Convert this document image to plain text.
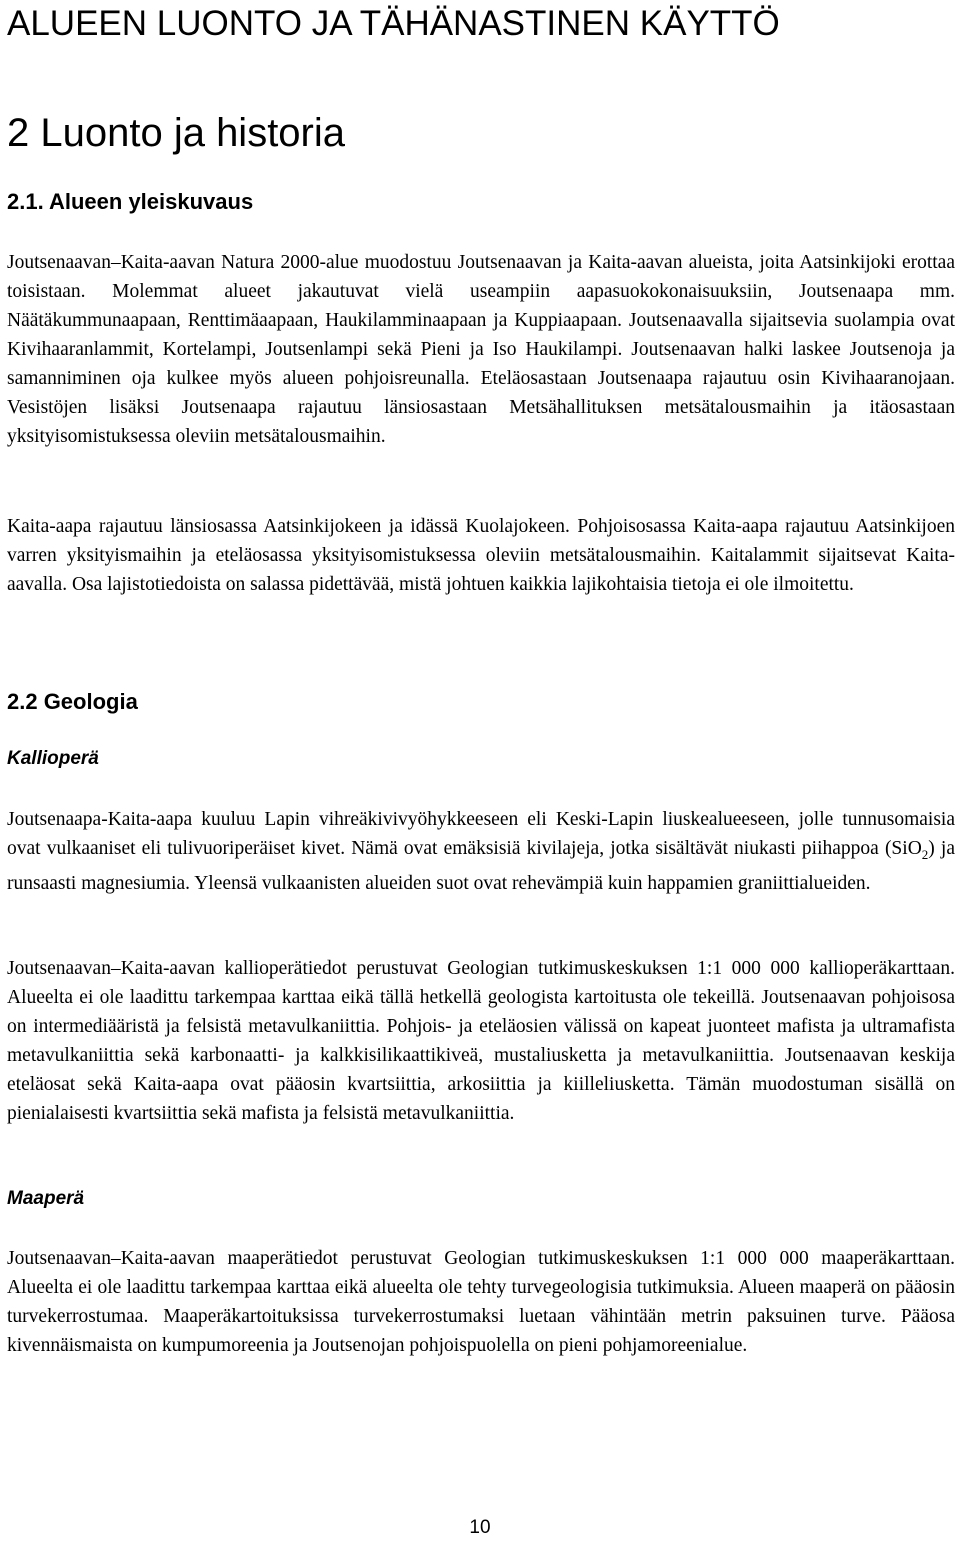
ALUEEN LUONTO JA TÄHÄNASTINEN KÄYTTÖ
2 Luonto ja historia
2.1. Alueen yleiskuvaus

Joutsenaavan–Kaita-aavan Natura 2000-alue muodostuu Joutsenaavan ja Kaita-aavan alueista, joita Aatsinkijoki erottaa toisistaan. Molemmat alueet jakautuvat vielä useampiin aapasuokokonaisuuksiin, Joutsenaapa mm. Näätäkummunaapaan, Renttimäaapaan, Haukilamminaapaan ja Kuppiaapaan. Joutsenaavalla sijaitsevia suolampia ovat Kivihaaranlammit, Kortelampi, Joutsenlampi sekä Pieni ja Iso Haukilampi. Joutsenaavan halki laskee Joutsenoja ja samanniminen oja kulkee myös alueen pohjoisreunalla. Eteläosastaan Joutsenaapa rajautuu osin Kivihaaranojaan. Vesistöjen lisäksi Joutsenaapa rajautuu länsiosastaan Metsähallituksen metsätalousmaihin ja itäosastaan yksityisomistuksessa oleviin metsätalousmaihin.

Kaita-aapa rajautuu länsiosassa Aatsinkijokeen ja idässä Kuolajokeen. Pohjoisosassa Kaita-aapa rajautuu Aatsinkijoen varren yksityismaihin ja eteläosassa yksityisomistuksessa oleviin metsätalousmaihin. Kaitalammit sijaitsevat Kaita-aavalla. Osa lajistotiedoista on salassa pidettävää, mistä johtuen kaikkia lajikohtaisia tietoja ei ole ilmoitettu.

2.2 Geologia
Kallioperä

Joutsenaapa-Kaita-aapa kuuluu Lapin vihreäkivivyöhykkeeseen eli Keski-Lapin liuskealueeseen, jolle tunnusomaisia ovat vulkaaniset eli tulivuoriperäiset kivet. Nämä ovat emäksisiä kivilajeja, jotka sisältävät niukasti piihappoa (SiO$_2$) ja runsaasti magnesiumia. Yleensä vulkaanisten alueiden suot ovat rehevämpiä kuin happamien graniittialueiden.

Joutsenaavan–Kaita-aavan kallioperätiedot perustuvat Geologian tutkimuskeskuksen 1:1 000 000 kallioperäkarttaan. Alueelta ei ole laadittu tarkempaa karttaa eikä tällä hetkellä geologista kartoitusta ole tekeillä. Joutsenaavan pohjoisosa on intermediääristä ja felsistä metavulkaniittia. Pohjois- ja eteläosien välissä on kapeat juonteet mafista ja ultramafista metavulkaniittia sekä karbonaatti- ja kalkkisilikaattikiveä, mustaliusketta ja metavulkaniittia. Joutsenaavan keskija eteläosat sekä Kaita-aapa ovat pääosin kvartsiittia, arkosiittia ja kiilleliusketta. Tämän muodostuman sisällä on pienialaisesti kvartsiittia sekä mafista ja felsistä metavulkaniittia.

Maaperä

Joutsenaavan–Kaita-aavan maaperätiedot perustuvat Geologian tutkimuskeskuksen 1:1 000 000 maaperäkarttaan. Alueelta ei ole laadittu tarkempaa karttaa eikä alueelta ole tehty turvegeologisia tutkimuksia. Alueen maaperä on pääosin turvekerrostumaa. Maaperäkartoituksissa turvekerrostumaksi luetaan vähintään metrin paksuinen turve. Pääosa kivennäismaista on kumpumoreenia ja Joutsenojan pohjoispuolella on pieni pohjamoreenialue.

10
